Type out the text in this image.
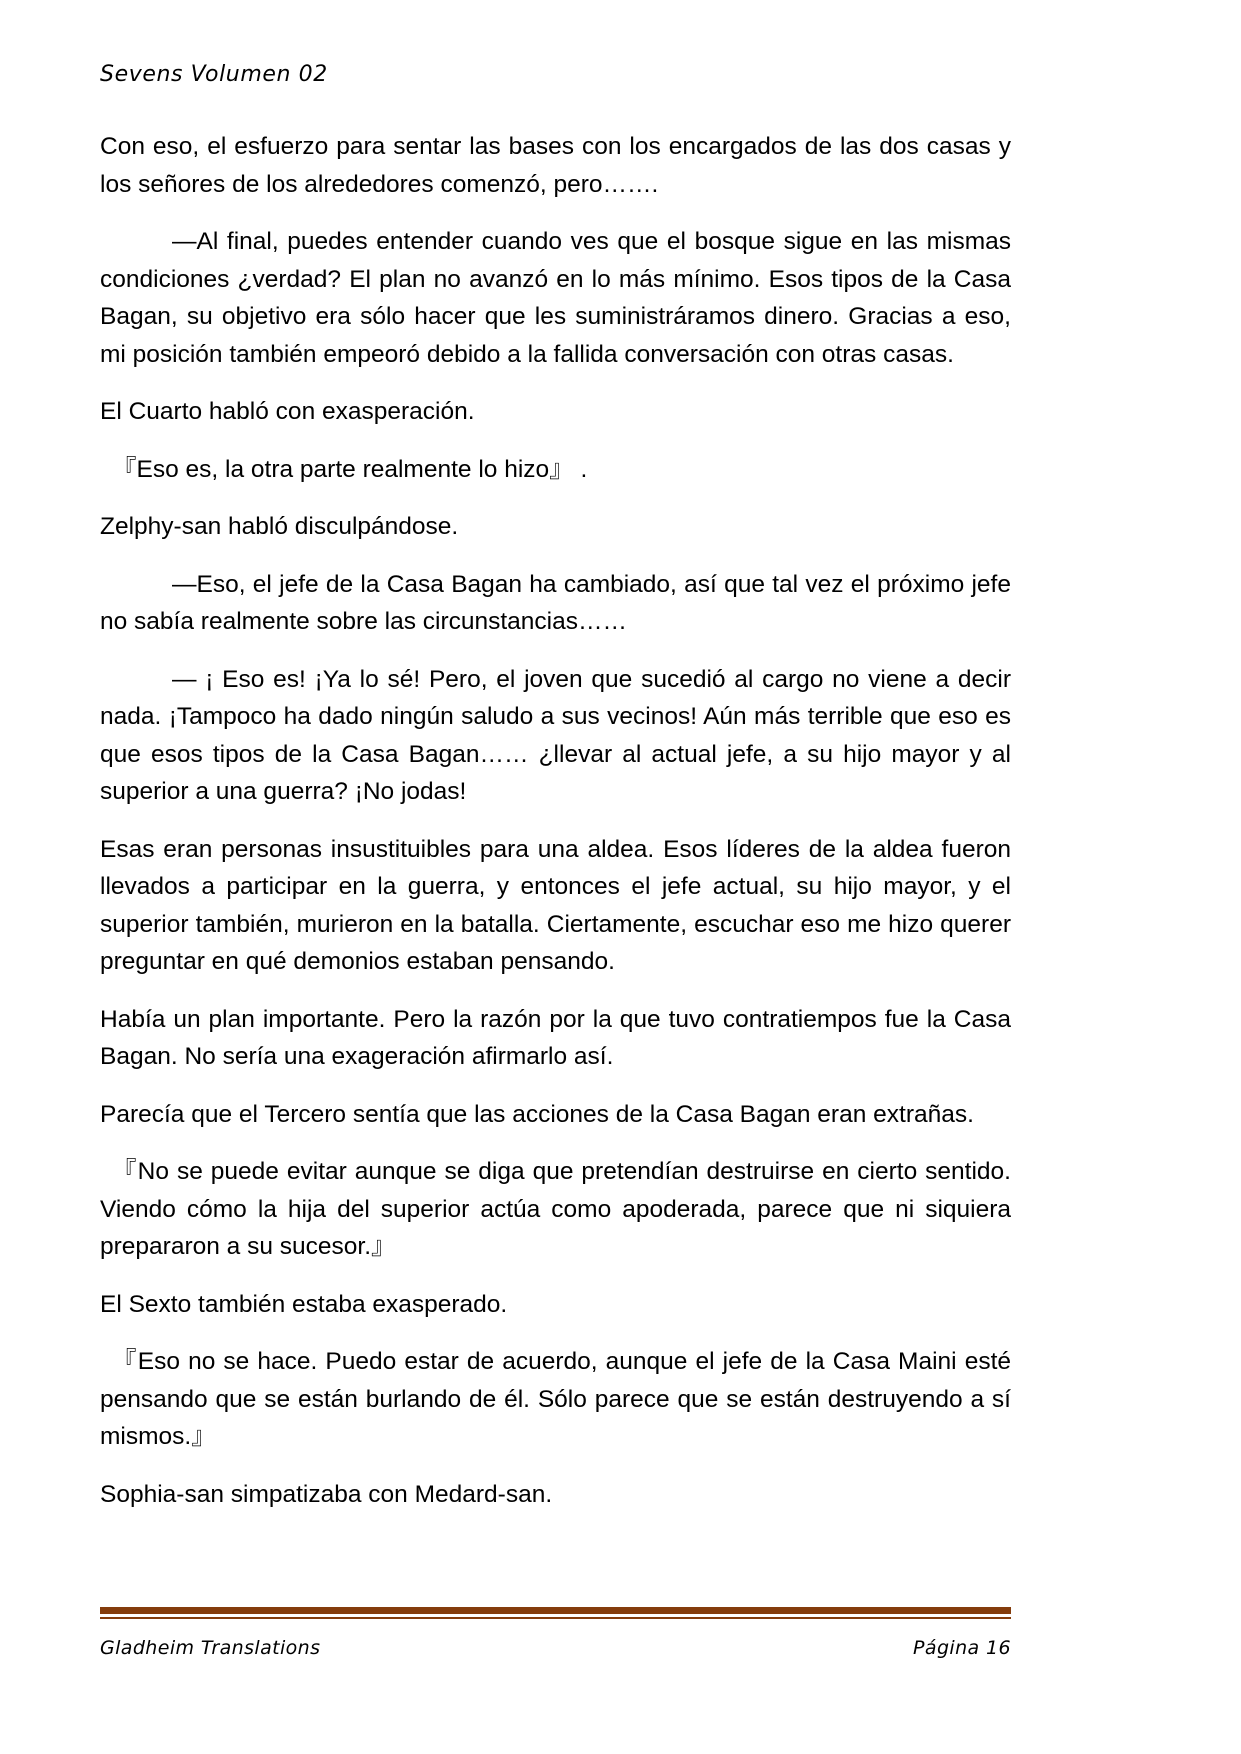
Sevens Volumen 02

Con eso, el esfuerzo para sentar las bases con los encargados de las dos casas y los señores de los alrededores comenzó, pero…….

—Al final, puedes entender cuando ves que el bosque sigue en las mismas condiciones ¿verdad? El plan no avanzó en lo más mínimo. Esos tipos de la Casa Bagan, su objetivo era sólo hacer que les suministráramos dinero. Gracias a eso, mi posición también empeoró debido a la fallida conversación con otras casas.

El Cuarto habló con exasperación.

『Eso es, la otra parte realmente lo hizo』 .

Zelphy-san habló disculpándose.

—Eso, el jefe de la Casa Bagan ha cambiado, así que tal vez el próximo jefe no sabía realmente sobre las circunstancias……

— ¡ Eso es! ¡Ya lo sé! Pero, el joven que sucedió al cargo no viene a decir nada. ¡Tampoco ha dado ningún saludo a sus vecinos! Aún más terrible que eso es que esos tipos de la Casa Bagan…… ¿llevar al actual jefe, a su hijo mayor y al superior a una guerra? ¡No jodas!

Esas eran personas insustituibles para una aldea. Esos líderes de la aldea fueron llevados a participar en la guerra, y entonces el jefe actual, su hijo mayor, y el superior también, murieron en la batalla. Ciertamente, escuchar eso me hizo querer preguntar en qué demonios estaban pensando.

Había un plan importante. Pero la razón por la que tuvo contratiempos fue la Casa Bagan. No sería una exageración afirmarlo así.

Parecía que el Tercero sentía que las acciones de la Casa Bagan eran extrañas.

『No se puede evitar aunque se diga que pretendían destruirse en cierto sentido. Viendo cómo la hija del superior actúa como apoderada, parece que ni siquiera prepararon a su sucesor.』

El Sexto también estaba exasperado.

『Eso no se hace. Puedo estar de acuerdo, aunque el jefe de la Casa Maini esté pensando que se están burlando de él. Sólo parece que se están destruyendo a sí mismos.』

Sophia-san simpatizaba con Medard-san.

Gladheim Translations	Página 16
